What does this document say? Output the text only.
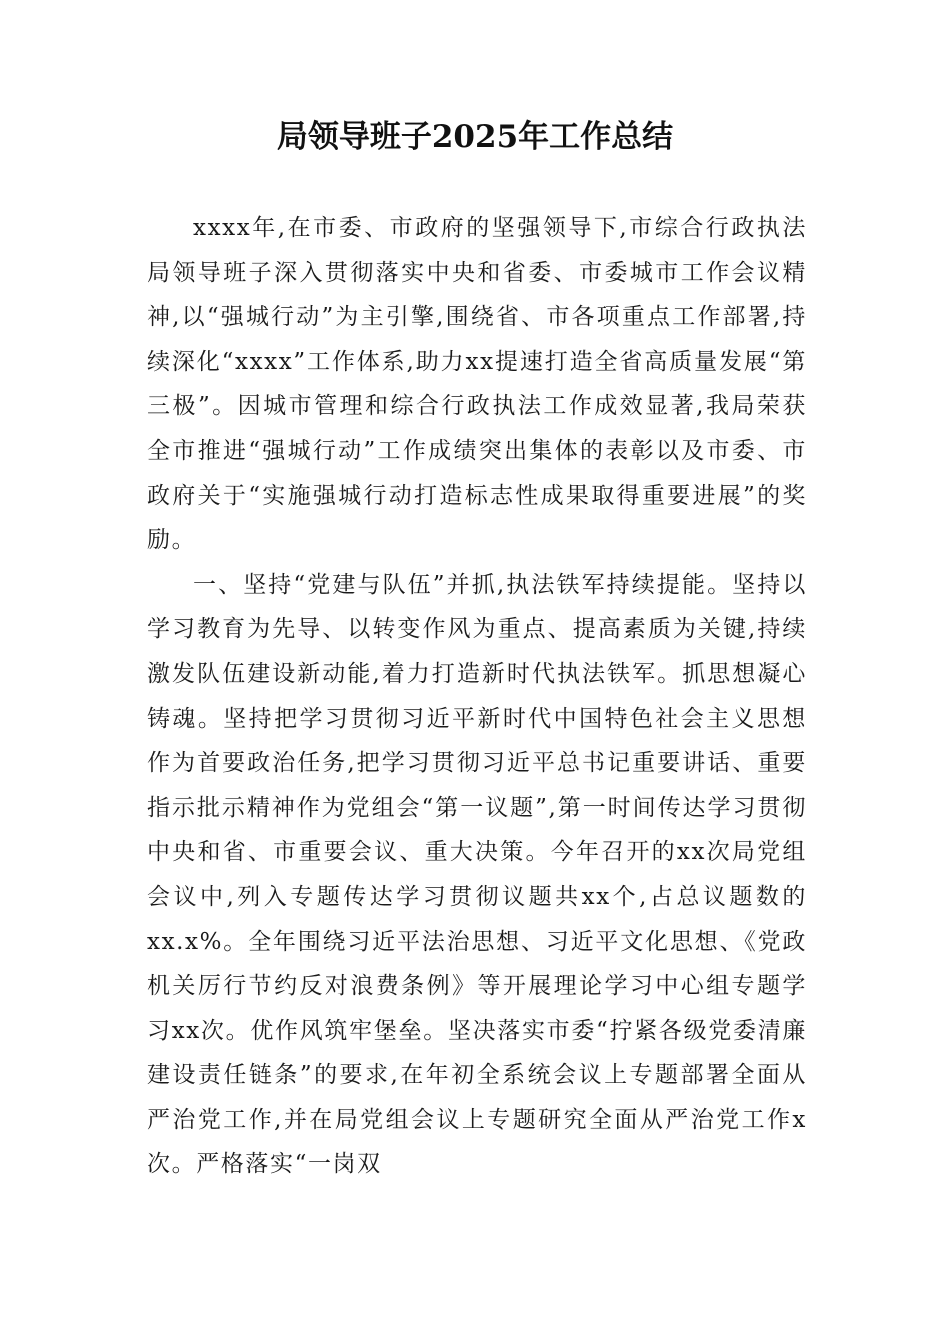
局领导班子2025年工作总结

xxxx年,在市委、市政府的坚强领导下,市综合行政执法局领导班子深入贯彻落实中央和省委、市委城市工作会议精神,以“强城行动”为主引擎,围绕省、市各项重点工作部署,持续深化“xxxx”工作体系,助力xx提速打造全省高质量发展“第三极”。因城市管理和综合行政执法工作成效显著,我局荣获全市推进“强城行动”工作成绩突出集体的表彰以及市委、市政府关于“实施强城行动打造标志性成果取得重要进展”的奖励。

一、坚持“党建与队伍”并抓,执法铁军持续提能。坚持以学习教育为先导、以转变作风为重点、提高素质为关键,持续激发队伍建设新动能,着力打造新时代执法铁军。抓思想凝心铸魂。坚持把学习贯彻习近平新时代中国特色社会主义思想作为首要政治任务,把学习贯彻习近平总书记重要讲话、重要指示批示精神作为党组会“第一议题”,第一时间传达学习贯彻中央和省、市重要会议、重大决策。今年召开的xx次局党组会议中,列入专题传达学习贯彻议题共xx个,占总议题数的xx.x%。全年围绕习近平法治思想、习近平文化思想、《党政机关厉行节约反对浪费条例》等开展理论学习中心组专题学习xx次。优作风筑牢堡垒。坚决落实市委“拧紧各级党委清廉建设责任链条”的要求,在年初全系统会议上专题部署全面从严治党工作,并在局党组会议上专题研究全面从严治党工作x次。严格落实“一岗双
